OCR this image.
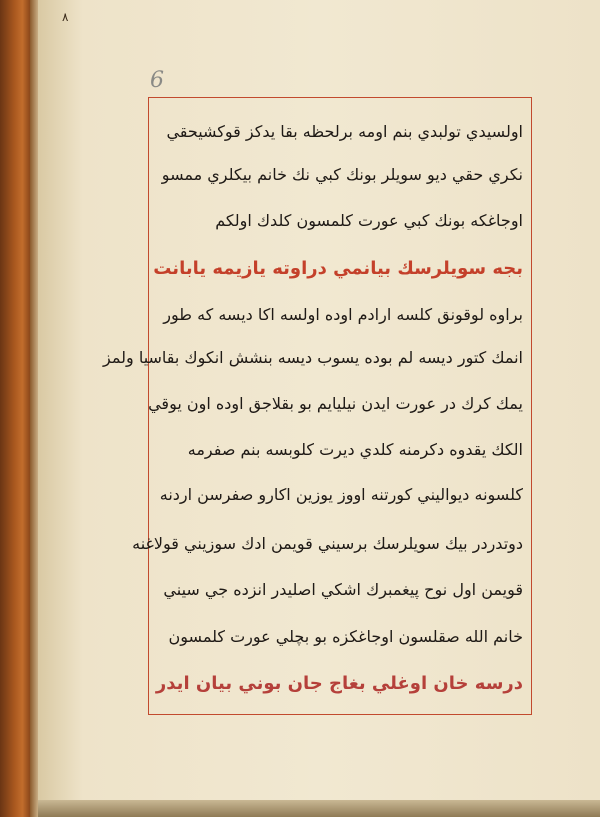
٨
6
اولسيدي تولبدي بنم اومه برلحظه بقا يدكز قوكشيحقي
نكري حقي ديو سويلر بونك كبي نك خانم بيكلري ممسو
اوجاغكه بونك كبي عورت كلمسون كلدك اولكم
بجه سويلرسك بيانمي دراوته يازيمه يابانت
براوه لوقونق كلسه ارادم اوده اولسه اكا ديسه كه طور
انمك كتور ديسه لم بوده يسوب ديسه بنشش انكوك بقاسيا ولمز
يمك كرك در عورت ايدن نيليايم بو بقلاجق اوده اون يوقي
الكك يقدوه دكرمنه كلدي ديرت كلوبسه بنم صفرمه
كلسونه ديواليني كورتنه اووز يوزين اكارو صفرسن اردنه
دوتدردر بيك سويلرسك برسيني قويمن ادك سوزيني قولاغنه
قويمن اول نوح پيغمبرك اشكي اصليدر انزده جي سيني
خانم الله صقلسون اوجاغكزه بو بچلي عورت كلمسون
درسه خان اوغلي بغاج جان بوني بيان ايدر
